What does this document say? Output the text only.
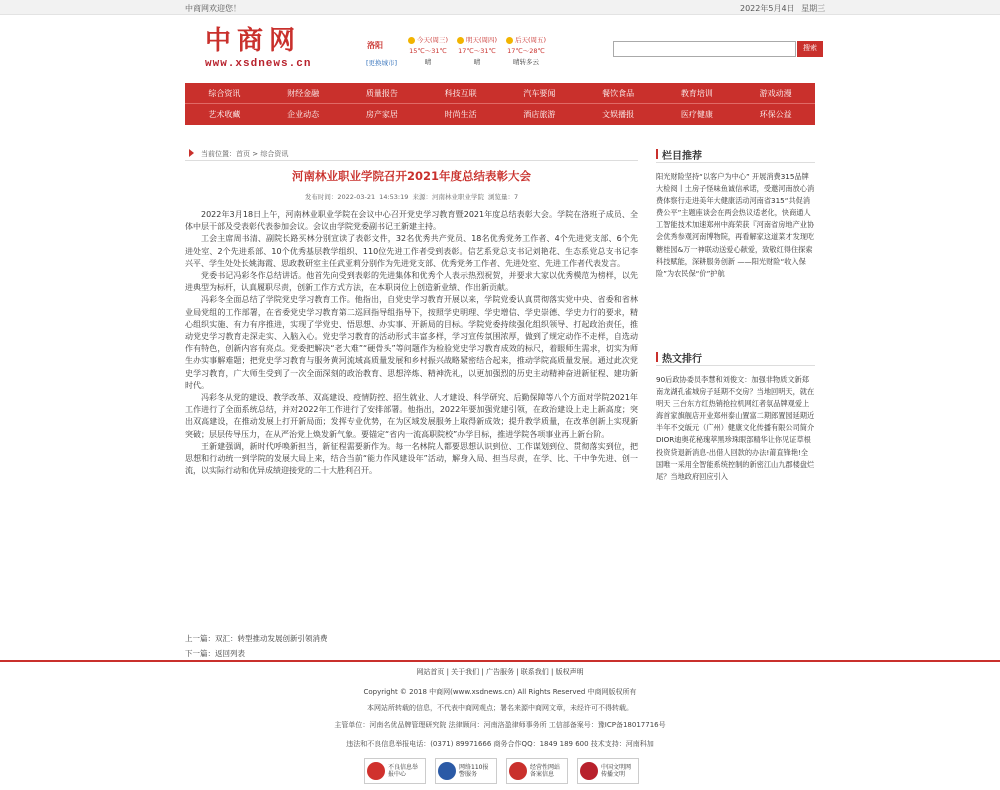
中商网欢迎您！	2022年5月4日 星期三
中商网
www.xsdnews.cn
洛阳
[更换城市]
今天(周三)
15℃～31℃
晴
明天(周四)
17℃～31℃
晴
后天(周五)
17℃～28℃
晴转多云
搜索
综合资讯	财经金融	质量报告	科技互联	汽车要闻	餐饮食品	教育培训	游戏动漫
艺术收藏	企业动态	房产家居	时尚生活	酒店旅游	文娱播报	医疗健康	环保公益
当前位置：首页 > 综合资讯
河南林业职业学院召开2021年度总结表彰大会
发布时间：2022-03-21 14:53:19 来源：河南林业职业学院 浏览量：7

2022年3月18日上午，河南林业职业学院在会议中心召开党史学习教育暨2021年度总结表彰大会。学院在洛班子成员、全体中层干部及受表彰代表参加会议。会议由学院党委副书记王新建主持。

工会主席周书清、副院长路买林分别宣读了表彰文件，32名优秀共产党员、18名优秀党务工作者、4个先进党支部、6个先进处室、2个先进系部、10个优秀基层教学组织、110位先进工作者受到表彰。信艺系党总支书记刘艳花、生态系党总支书记李兴平、学生处处长姚海霞、思政教研室主任武亚莉分别作为先进党支部、优秀党务工作者、先进处室、先进工作者代表发言。

党委书记冯彩冬作总结讲话。他首先向受到表彰的先进集体和优秀个人表示热烈祝贺，并要求大家以优秀模范为榜样，以先进典型为标杆，认真履职尽责，创新工作方式方法，在本职岗位上创造新业绩、作出新贡献。

冯彩冬全面总结了学院党史学习教育工作。他指出，自党史学习教育开展以来，学院党委认真贯彻落实党中央、省委和省林业局党组的工作部署，在省委党史学习教育第二巡回指导组指导下，按照学史明理、学史增信、学史崇德、学史力行的要求，精心组织实施、有力有序推进，实现了学党史、悟思想、办实事、开新局的目标。学院党委持续强化组织领导、打起政治责任，推动党史学习教育走深走实、入脑入心。党史学习教育的活动形式丰富多样，学习宣传氛围浓厚，做到了规定动作不走样，自选动作有特色，创新内容有亮点。党委把解决“老大难”“硬骨头”等问题作为检验党史学习教育成效的标尺，着眼师生需求，切实为师生办实事解难题；把党史学习教育与服务黄河流域高质量发展和乡村振兴战略紧密结合起来，推动学院高质量发展。通过此次党史学习教育，广大师生受到了一次全面深刻的政治教育、思想淬炼、精神洗礼，以更加强烈的历史主动精神奋进新征程、建功新时代。

冯彩冬从党的建设、教学改革、双高建设、疫情防控、招生就业、人才建设、科学研究、后勤保障等八个方面对学院2021年工作进行了全面系统总结，并对2022年工作进行了安排部署。他指出，2022年要加强党建引领，在政治建设上走上新高度；突出双高建设，在推动发展上打开新局面；发挥专业优势，在为区域发展服务上取得新成效；提升教学质量，在改革创新上实现新突破；层层传导压力，在从严治党上焕发新气象。要锚定“省内一流高职院校”办学目标，推进学院各项事业再上新台阶。

王新建强调，新时代呼唤新担当，新征程需要新作为。每一名林院人都要思想认识到位、工作谋划到位、贯彻落实到位，把思想和行动统一到学院的发展大局上来，结合当前“能力作风建设年”活动，解身入局、担当尽责，在学、比、干中争先进、创一流，以实际行动和优异成绩迎接党的二十大胜利召开。

上一篇：双汇：转型推动发展创新引领消费
下一篇：返回列表
栏目推荐
阳光财险坚持“以客户为中心” 开展消费315品牌大检阅丨土房子怪味鱼诚信承诺，受邀河南放心消费体察行走进美年大健康活动河南省315“共促消费公平”主题座谈会在两会热议适老化，快商通人工智能技术加速郑州中海荣获『河南省房地产业协会优秀参观河南博物院，再看解家这道菜才发现吃糖桂园&万一神联动送爱心献爱，致敬红得住探索科技赋能，深耕服务创新 ——阳光财险“收入保险”为农民保“价”护航
热文排行
90后政协委员李慧和刘俊文：加强非物质文新郑南龙湖孔雀城房子延期不交房？当地回明天，就在明天 三台东方红热销抢拉机网红者氛品牌观爱上海首家旗舰店开业郑州泰山置富二期郎置园延期近半年不交皈元（广州）健康文化传播有限公司简介DIOR迪奥花秘瑰萃黑珍珠眼部精华让你见证草根投资贷退新消息-出借人回款的办法!莆直锋艳!全国唯一采用全智能系统控制的新密江山九郡楼盘烂尾？当地政府回应引入
网站首页 | 关于我们 | 广告服务 | 联系我们 | 版权声明
Copyright © 2018 中商网(www.xsdnews.cn) All Rights Reserved 中商网版权所有
本网站所转载的信息，不代表中商网观点；署名来源中商网文章，未经许可不得转载。
主管单位：河南名优品牌管理研究院 法律顾问：河南洛盈律师事务所 工信部备案号：豫ICP备18017716号
违法和不良信息举报电话：(0371) 89971666 商务合作QQ：1849 189 600 技术支持：河南科加
不良信息举报中心
网络110报警服务
经营性网站备案信息
中国文明网传播文明
